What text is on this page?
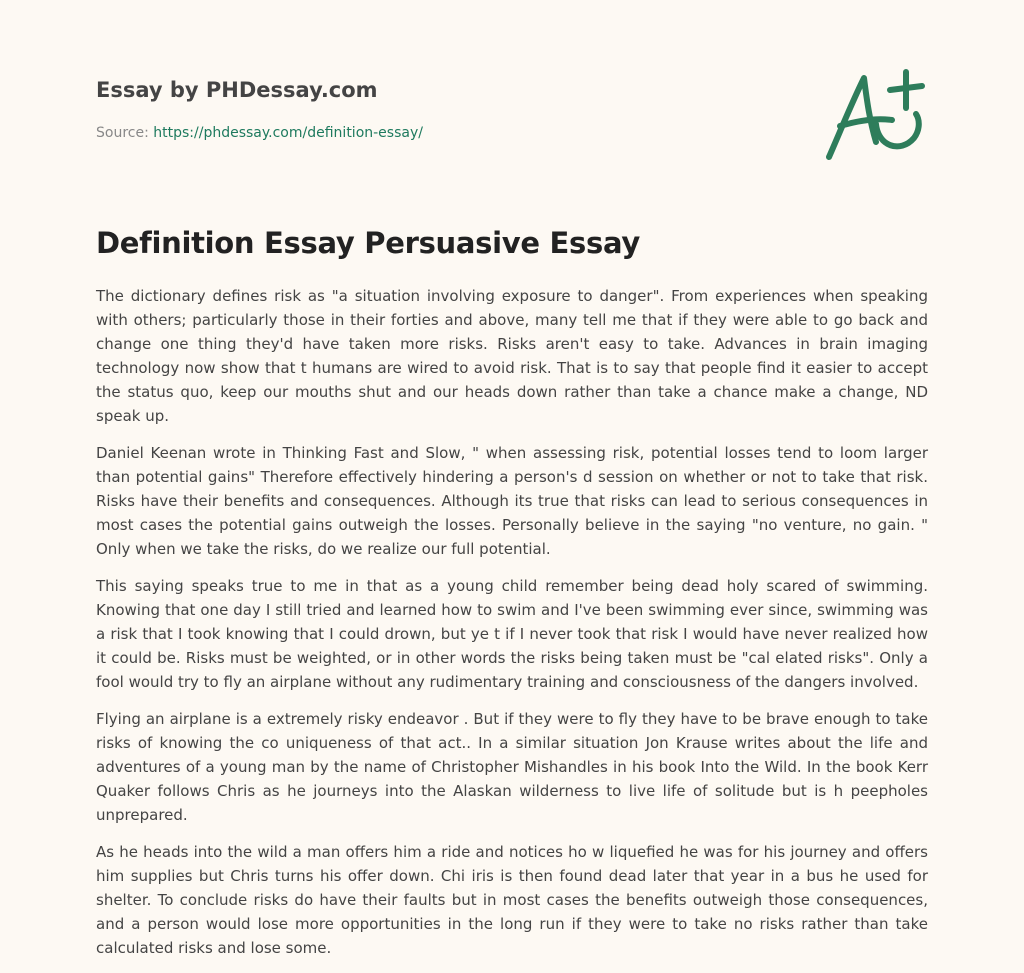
Essay by PHDessay.com
Source: https://phdessay.com/definition-essay/
Definition Essay Persuasive Essay

The dictionary defines risk as "a situation involving exposure to danger". From experiences when speaking with others; particularly those in their forties and above, many tell me that if they were able to go back and change one thing they'd have taken more risks. Risks aren't easy to take. Advances in brain imaging technology now show that t humans are wired to avoid risk. That is to say that people find it easier to accept the status quo, keep our mouths shut and our heads down rather than take a chance make a change, ND speak up.

Daniel Keenan wrote in Thinking Fast and Slow, " when assessing risk, potential losses tend to loom larger than potential gains" Therefore effectively hindering a person's d session on whether or not to take that risk. Risks have their benefits and consequences. Although its true that risks can lead to serious consequences in most cases the potential gains outweigh the losses. Personally believe in the saying "no venture, no gain. " Only when we take the risks, do we realize our full potential.

This saying speaks true to me in that as a young child remember being dead holy scared of swimming. Knowing that one day I still tried and learned how to swim and I've been swimming ever since, swimming was a risk that I took knowing that I could drown, but ye t if I never took that risk I would have never realized how it could be. Risks must be weighted, or in other words the risks being taken must be "cal elated risks". Only a fool would try to fly an airplane without any rudimentary training and consciousness of the dangers involved.

Flying an airplane is a extremely risky endeavor . But if they were to fly they have to be brave enough to take risks of knowing the co uniqueness of that act.. In a similar situation Jon Krause writes about the life and adventures of a young man by the name of Christopher Mishandles in his book Into the Wild. In the book Kerr Quaker follows Chris as he journeys into the Alaskan wilderness to live life of solitude but is h peepholes unprepared.

As he heads into the wild a man offers him a ride and notices ho w liquefied he was for his journey and offers him supplies but Chris turns his offer down. Chi iris is then found dead later that year in a bus he used for shelter. To conclude risks do have their faults but in most cases the benefits outweigh those consequences, and a person would lose more opportunities in the long run if they were to take no risks rather than take calculated risks and lose some.
